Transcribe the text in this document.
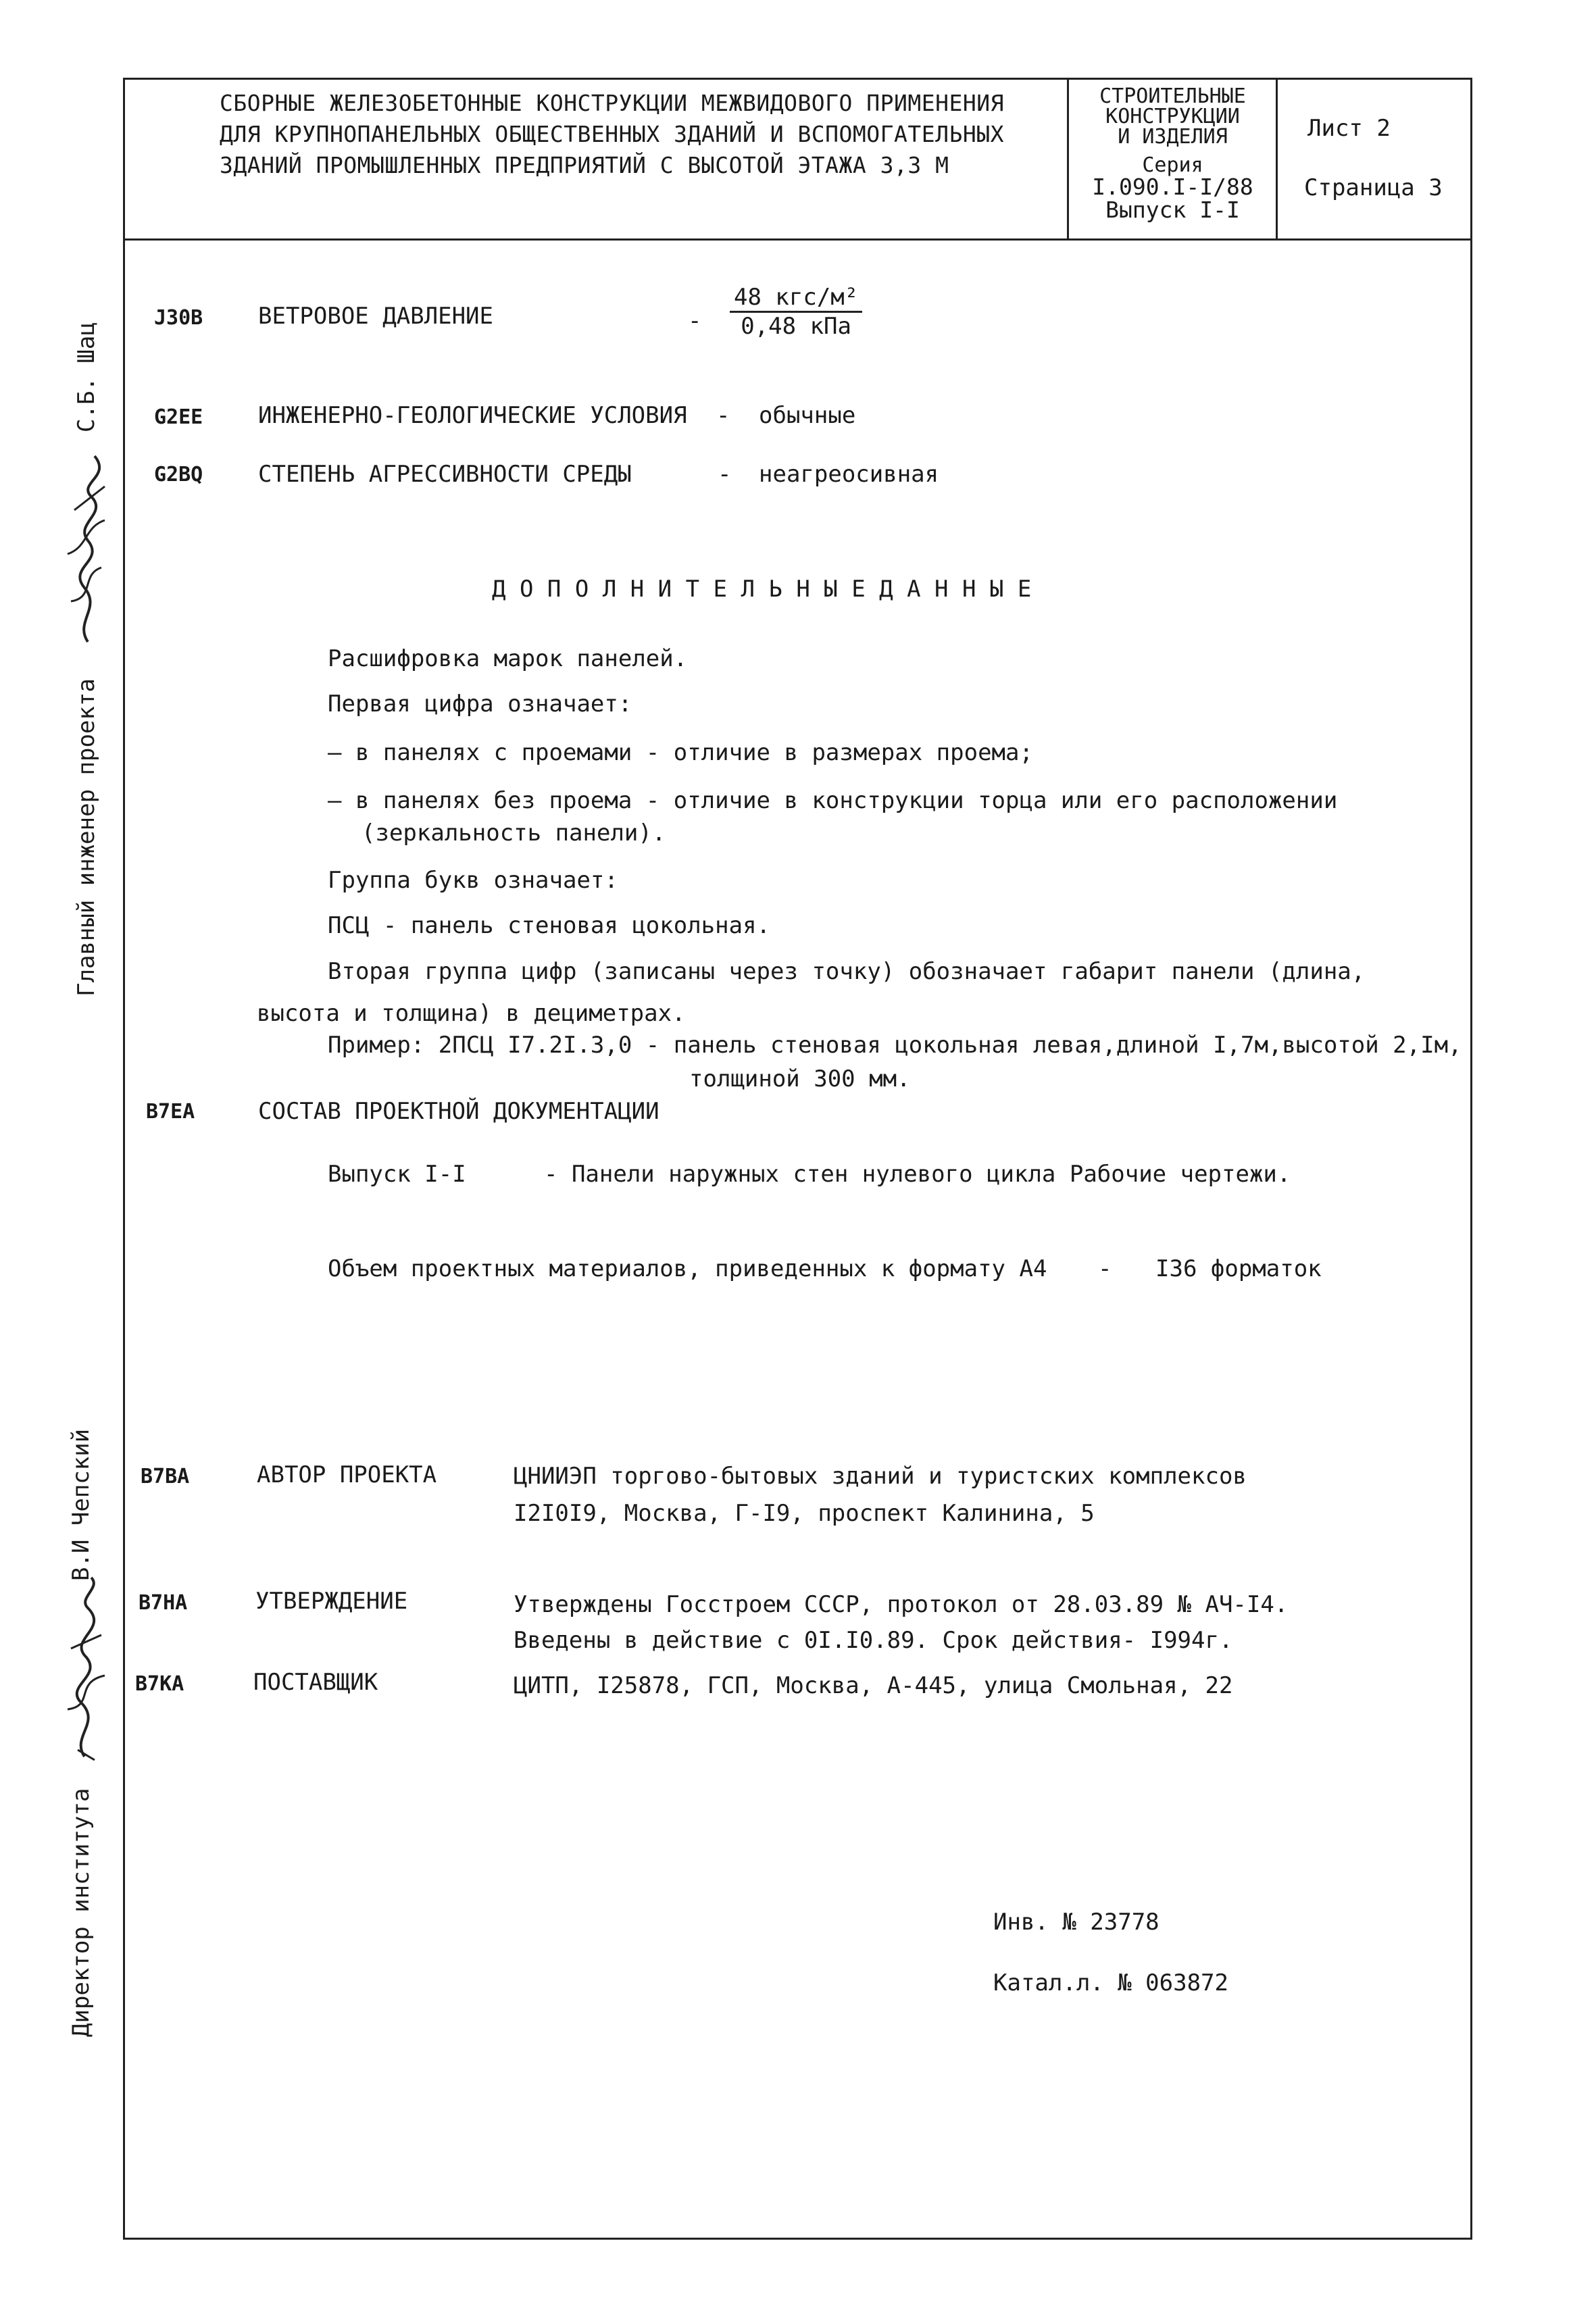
СБОРНЫЕ ЖЕЛЕЗОБЕТОННЫЕ КОНСТРУКЦИИ МЕЖВИДОВОГО ПРИМЕНЕНИЯ
ДЛЯ КРУПНОПАНЕЛЬНЫХ ОБЩЕСТВЕННЫХ ЗДАНИЙ И ВСПОМОГАТЕЛЬНЫХ
ЗДАНИЙ ПРОМЫШЛЕННЫХ ПРЕДПРИЯТИЙ С ВЫСОТОЙ ЭТАЖА 3,3 М
СТРОИТЕЛЬНЫЕ
КОНСТРУКЦИИ
И ИЗДЕЛИЯ
Серия
I.090.I-I/88
Выпуск I-I
Лист 2
Страница 3
J30B ВЕТРОВОЕ ДАВЛЕНИЕ	-
48 кгс/м²
0,48 кПа
G2EE ИНЖЕНЕРНО-ГЕОЛОГИЧЕСКИЕ УСЛОВИЯ - обычные
G2BQ СТЕПЕНЬ АГРЕССИВНОСТИ СРЕДЫ	- неагреосивная
Д О П О Л Н И Т Е Л Ь Н Ы Е Д А Н Н Ы Е
Расшифровка марок панелей.
Первая цифра означает:
– в панелях с проемами - отличие в размерах проема;
– в панелях без проема - отличие в конструкции торца или его расположении
(зеркальность панели).
Группа букв означает:
ПСЦ - панель стеновая цокольная.
Вторая группа цифр (записаны через точку) обозначает габарит панели (длина,
высота и толщина) в дециметрах.
Пример: 2ПСЦ I7.2I.3,0 - панель стеновая цокольная левая,длиной I,7м,высотой 2,Iм,
толщиной 300 мм.
B7EA	СОСТАВ ПРОЕКТНОЙ ДОКУМЕНТАЦИИ
Выпуск I-I	- Панели наружных стен нулевого цикла Рабочие чертежи.
Объем проектных материалов, приведенных к формату А4 - I36 форматок
B7BA	АВТОР ПРОЕКТА	ЦНИИЭП торгово-бытовых зданий и туристских комплексов
I2I0I9, Москва, Г-I9, проспект Калинина, 5
B7HA	УТВЕРЖДЕНИЕ	Утверждены Госстроем СССР, протокол от 28.03.89 № АЧ-I4.
Введены в действие с 0I.I0.89. Срок действия- I994г.
B7KA	ПОСТАВЩИК	ЦИТП, I25878, ГСП, Москва, А-445, улица Смольная, 22
Инв. № 23778
Катал.л. № 063872
Главный инженер проекта
С.Б. Шац
Директор института
В.И Чепский
